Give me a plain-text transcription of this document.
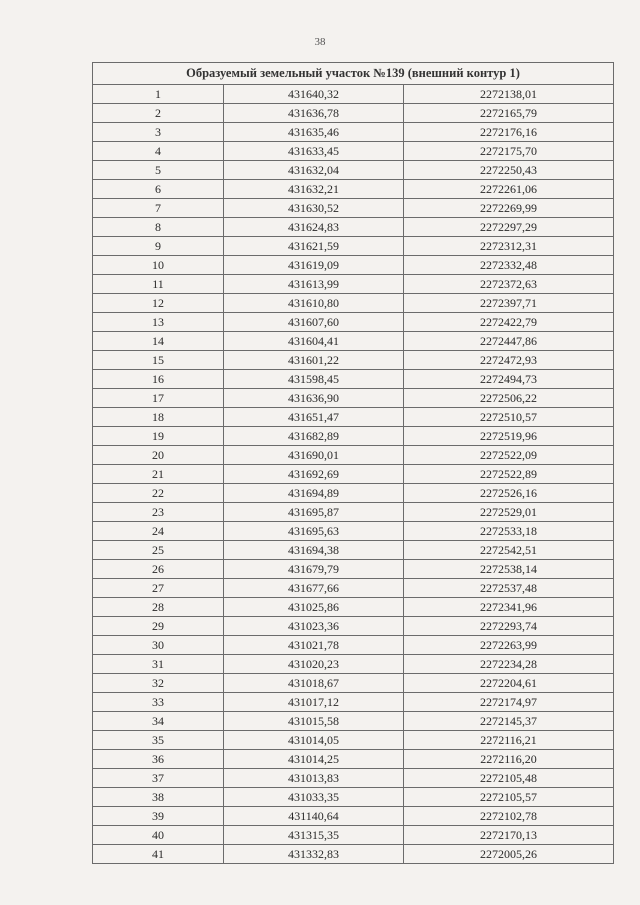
38
Образуемый земельный участок №139 (внешний контур 1)		
1	431640,32	2272138,01
2	431636,78	2272165,79
3	431635,46	2272176,16
4	431633,45	2272175,70
5	431632,04	2272250,43
6	431632,21	2272261,06
7	431630,52	2272269,99
8	431624,83	2272297,29
9	431621,59	2272312,31
10	431619,09	2272332,48
11	431613,99	2272372,63
12	431610,80	2272397,71
13	431607,60	2272422,79
14	431604,41	2272447,86
15	431601,22	2272472,93
16	431598,45	2272494,73
17	431636,90	2272506,22
18	431651,47	2272510,57
19	431682,89	2272519,96
20	431690,01	2272522,09
21	431692,69	2272522,89
22	431694,89	2272526,16
23	431695,87	2272529,01
24	431695,63	2272533,18
25	431694,38	2272542,51
26	431679,79	2272538,14
27	431677,66	2272537,48
28	431025,86	2272341,96
29	431023,36	2272293,74
30	431021,78	2272263,99
31	431020,23	2272234,28
32	431018,67	2272204,61
33	431017,12	2272174,97
34	431015,58	2272145,37
35	431014,05	2272116,21
36	431014,25	2272116,20
37	431013,83	2272105,48
38	431033,35	2272105,57
39	431140,64	2272102,78
40	431315,35	2272170,13
41	431332,83	2272005,26
